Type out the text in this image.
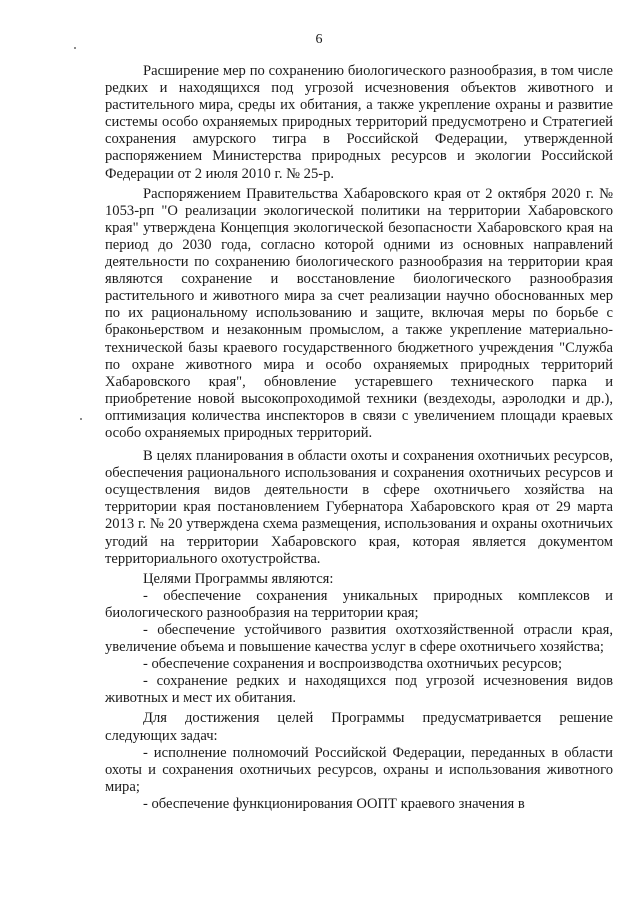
6

Расширение мер по сохранению биологического разнообразия, в том числе редких и находящихся под угрозой исчезновения объектов животного и растительного мира, среды их обитания, а также укрепление охраны и развитие системы особо охраняемых природных территорий предусмотрено и Стратегией сохранения амурского тигра в Российской Федерации, утвержденной распоряжением Министерства природных ресурсов и экологии Российской Федерации от 2 июля 2010 г. № 25-р.

Распоряжением Правительства Хабаровского края от 2 октября 2020 г. № 1053-рп "О реализации экологической политики на территории Хабаровского края" утверждена Концепция экологической безопасности Хабаровского края на период до 2030 года, согласно которой одними из основных направлений деятельности по сохранению биологического разнообразия на территории края являются сохранение и восстановление биологического разнообразия растительного и животного мира за счет реализации научно обоснованных мер по их рациональному использованию и защите, включая меры по борьбе с браконьерством и незаконным промыслом, а также укрепление материально-технической базы краевого государственного бюджетного учреждения "Служба по охране животного мира и особо охраняемых природных территорий Хабаровского края", обновление устаревшего технического парка и приобретение новой высокопроходимой техники (вездеходы, аэролодки и др.), оптимизация количества инспекторов в связи с увеличением площади краевых особо охраняемых природных территорий.

В целях планирования в области охоты и сохранения охотничьих ресурсов, обеспечения рационального использования и сохранения охотничьих ресурсов и осуществления видов деятельности в сфере охотничьего хозяйства на территории края постановлением Губернатора Хабаровского края от 29 марта 2013 г. № 20 утверждена схема размещения, использования и охраны охотничьих угодий на территории Хабаровского края, которая является документом территориального охотустройства.

Целями Программы являются:

- обеспечение сохранения уникальных природных комплексов и биологического разнообразия на территории края;

- обеспечение устойчивого развития охотхозяйственной отрасли края, увеличение объема и повышение качества услуг в сфере охотничьего хозяйства;

- обеспечение сохранения и воспроизводства охотничьих ресурсов;

- сохранение редких и находящихся под угрозой исчезновения видов животных и мест их обитания.

Для достижения целей Программы предусматривается решение следующих задач:

- исполнение полномочий Российской Федерации, переданных в области охоты и сохранения охотничьих ресурсов, охраны и использования животного мира;

- обеспечение функционирования ООПТ краевого значения в
